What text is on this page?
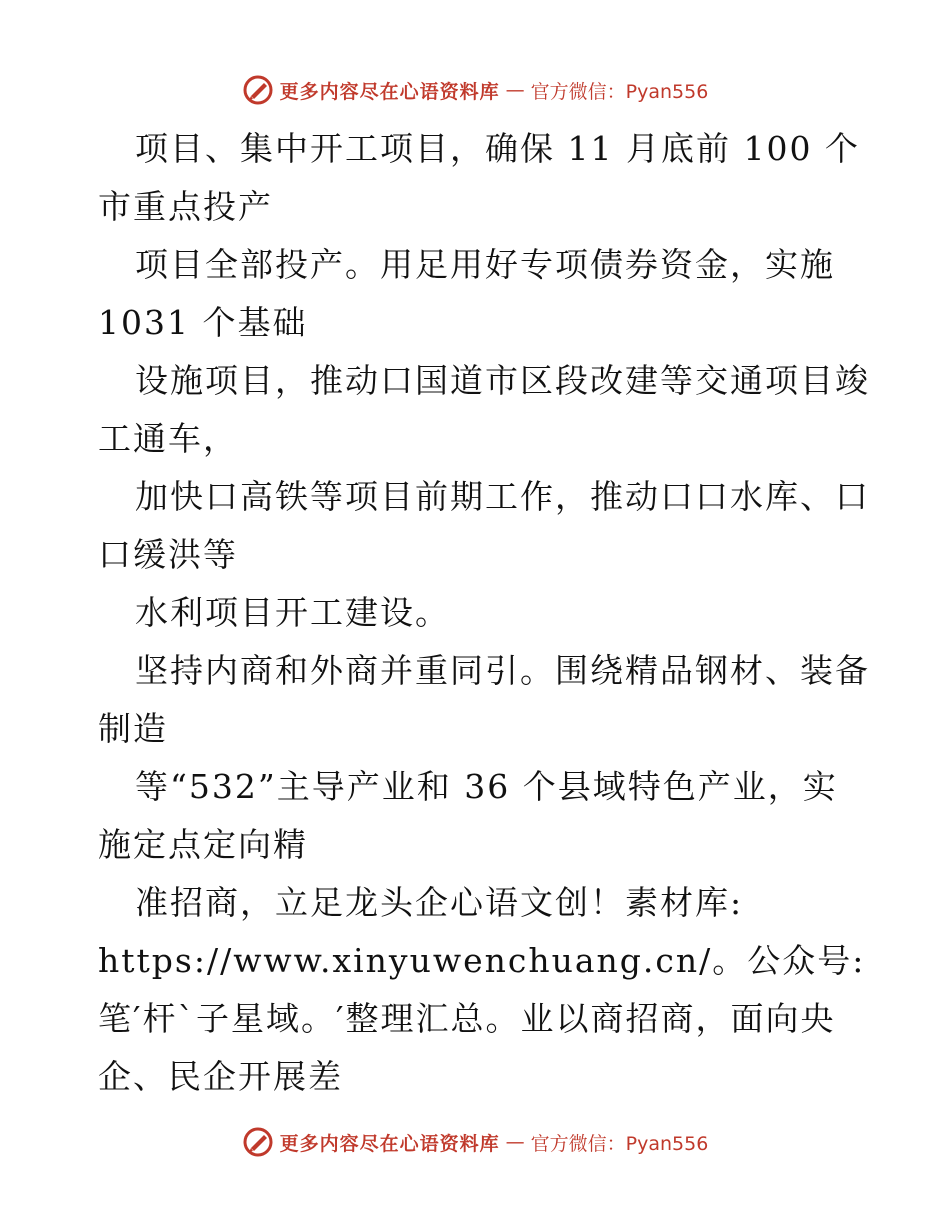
更多内容尽在心语资料库 — 官方微信：Pyan556
项目、集中开工项目，确保 11 月底前 100 个
市重点投产
项目全部投产。用足用好专项债券资金，实施
1031 个基础
设施项目，推动口国道市区段改建等交通项目竣
工通车，
加快口高铁等项目前期工作，推动口口水库、口
口缓洪等
水利项目开工建设。
坚持内商和外商并重同引。围绕精品钢材、装备
制造
等“532”主导产业和 36 个县域特色产业，实
施定点定向精
准招商，立足龙头企心语文创！素材库:
https://www.xinyuwenchuang.cn/。公众号:
笔′杆`子星域。′整理汇总。业以商招商，面向央
企、民企开展差
更多内容尽在心语资料库 — 官方微信：Pyan556
